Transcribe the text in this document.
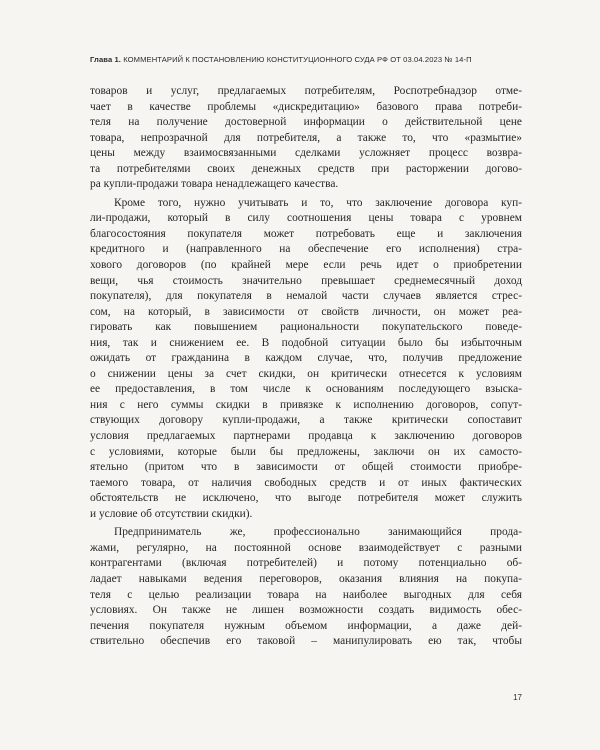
Глава 1. КОММЕНТАРИЙ К ПОСТАНОВЛЕНИЮ КОНСТИТУЦИОННОГО СУДА РФ ОТ 03.04.2023 № 14-П
товаров и услуг, предлагаемых потребителям, Роспотребнадзор отме-
чает в качестве проблемы «дискредитацию» базового права потреби-
теля на получение достоверной информации о действительной цене
товара, непрозрачной для потребителя, а также то, что «размытие»
цены между взаимосвязанными сделками усложняет процесс возвра-
та потребителями своих денежных средств при расторжении догово-
ра купли-продажи товара ненадлежащего качества.
Кроме того, нужно учитывать и то, что заключение договора куп-
ли-продажи, который в силу соотношения цены товара с уровнем
благосостояния покупателя может потребовать еще и заключения
кредитного и (направленного на обеспечение его исполнения) стра-
хового договоров (по крайней мере если речь идет о приобретении
вещи, чья стоимость значительно превышает среднемесячный доход
покупателя), для покупателя в немалой части случаев является стрес-
сом, на который, в зависимости от свойств личности, он может реа-
гировать как повышением рациональности покупательского поведе-
ния, так и снижением ее. В подобной ситуации было бы избыточным
ожидать от гражданина в каждом случае, что, получив предложение
о снижении цены за счет скидки, он критически отнесется к условиям
ее предоставления, в том числе к основаниям последующего взыска-
ния с него суммы скидки в привязке к исполнению договоров, сопут-
ствующих договору купли-продажи, а также критически сопоставит
условия предлагаемых партнерами продавца к заключению договоров
с условиями, которые были бы предложены, заключи он их самосто-
ятельно (притом что в зависимости от общей стоимости приобре-
таемого товара, от наличия свободных средств и от иных фактических
обстоятельств не исключено, что выгоде потребителя может служить
и условие об отсутствии скидки).
Предприниматель же, профессионально занимающийся прода-
жами, регулярно, на постоянной основе взаимодействует с разными
контрагентами (включая потребителей) и потому потенциально об-
ладает навыками ведения переговоров, оказания влияния на покупа-
теля с целью реализации товара на наиболее выгодных для себя
условиях. Он также не лишен возможности создать видимость обес-
печения покупателя нужным объемом информации, а даже дей-
ствительно обеспечив его таковой – манипулировать ею так, чтобы
17
